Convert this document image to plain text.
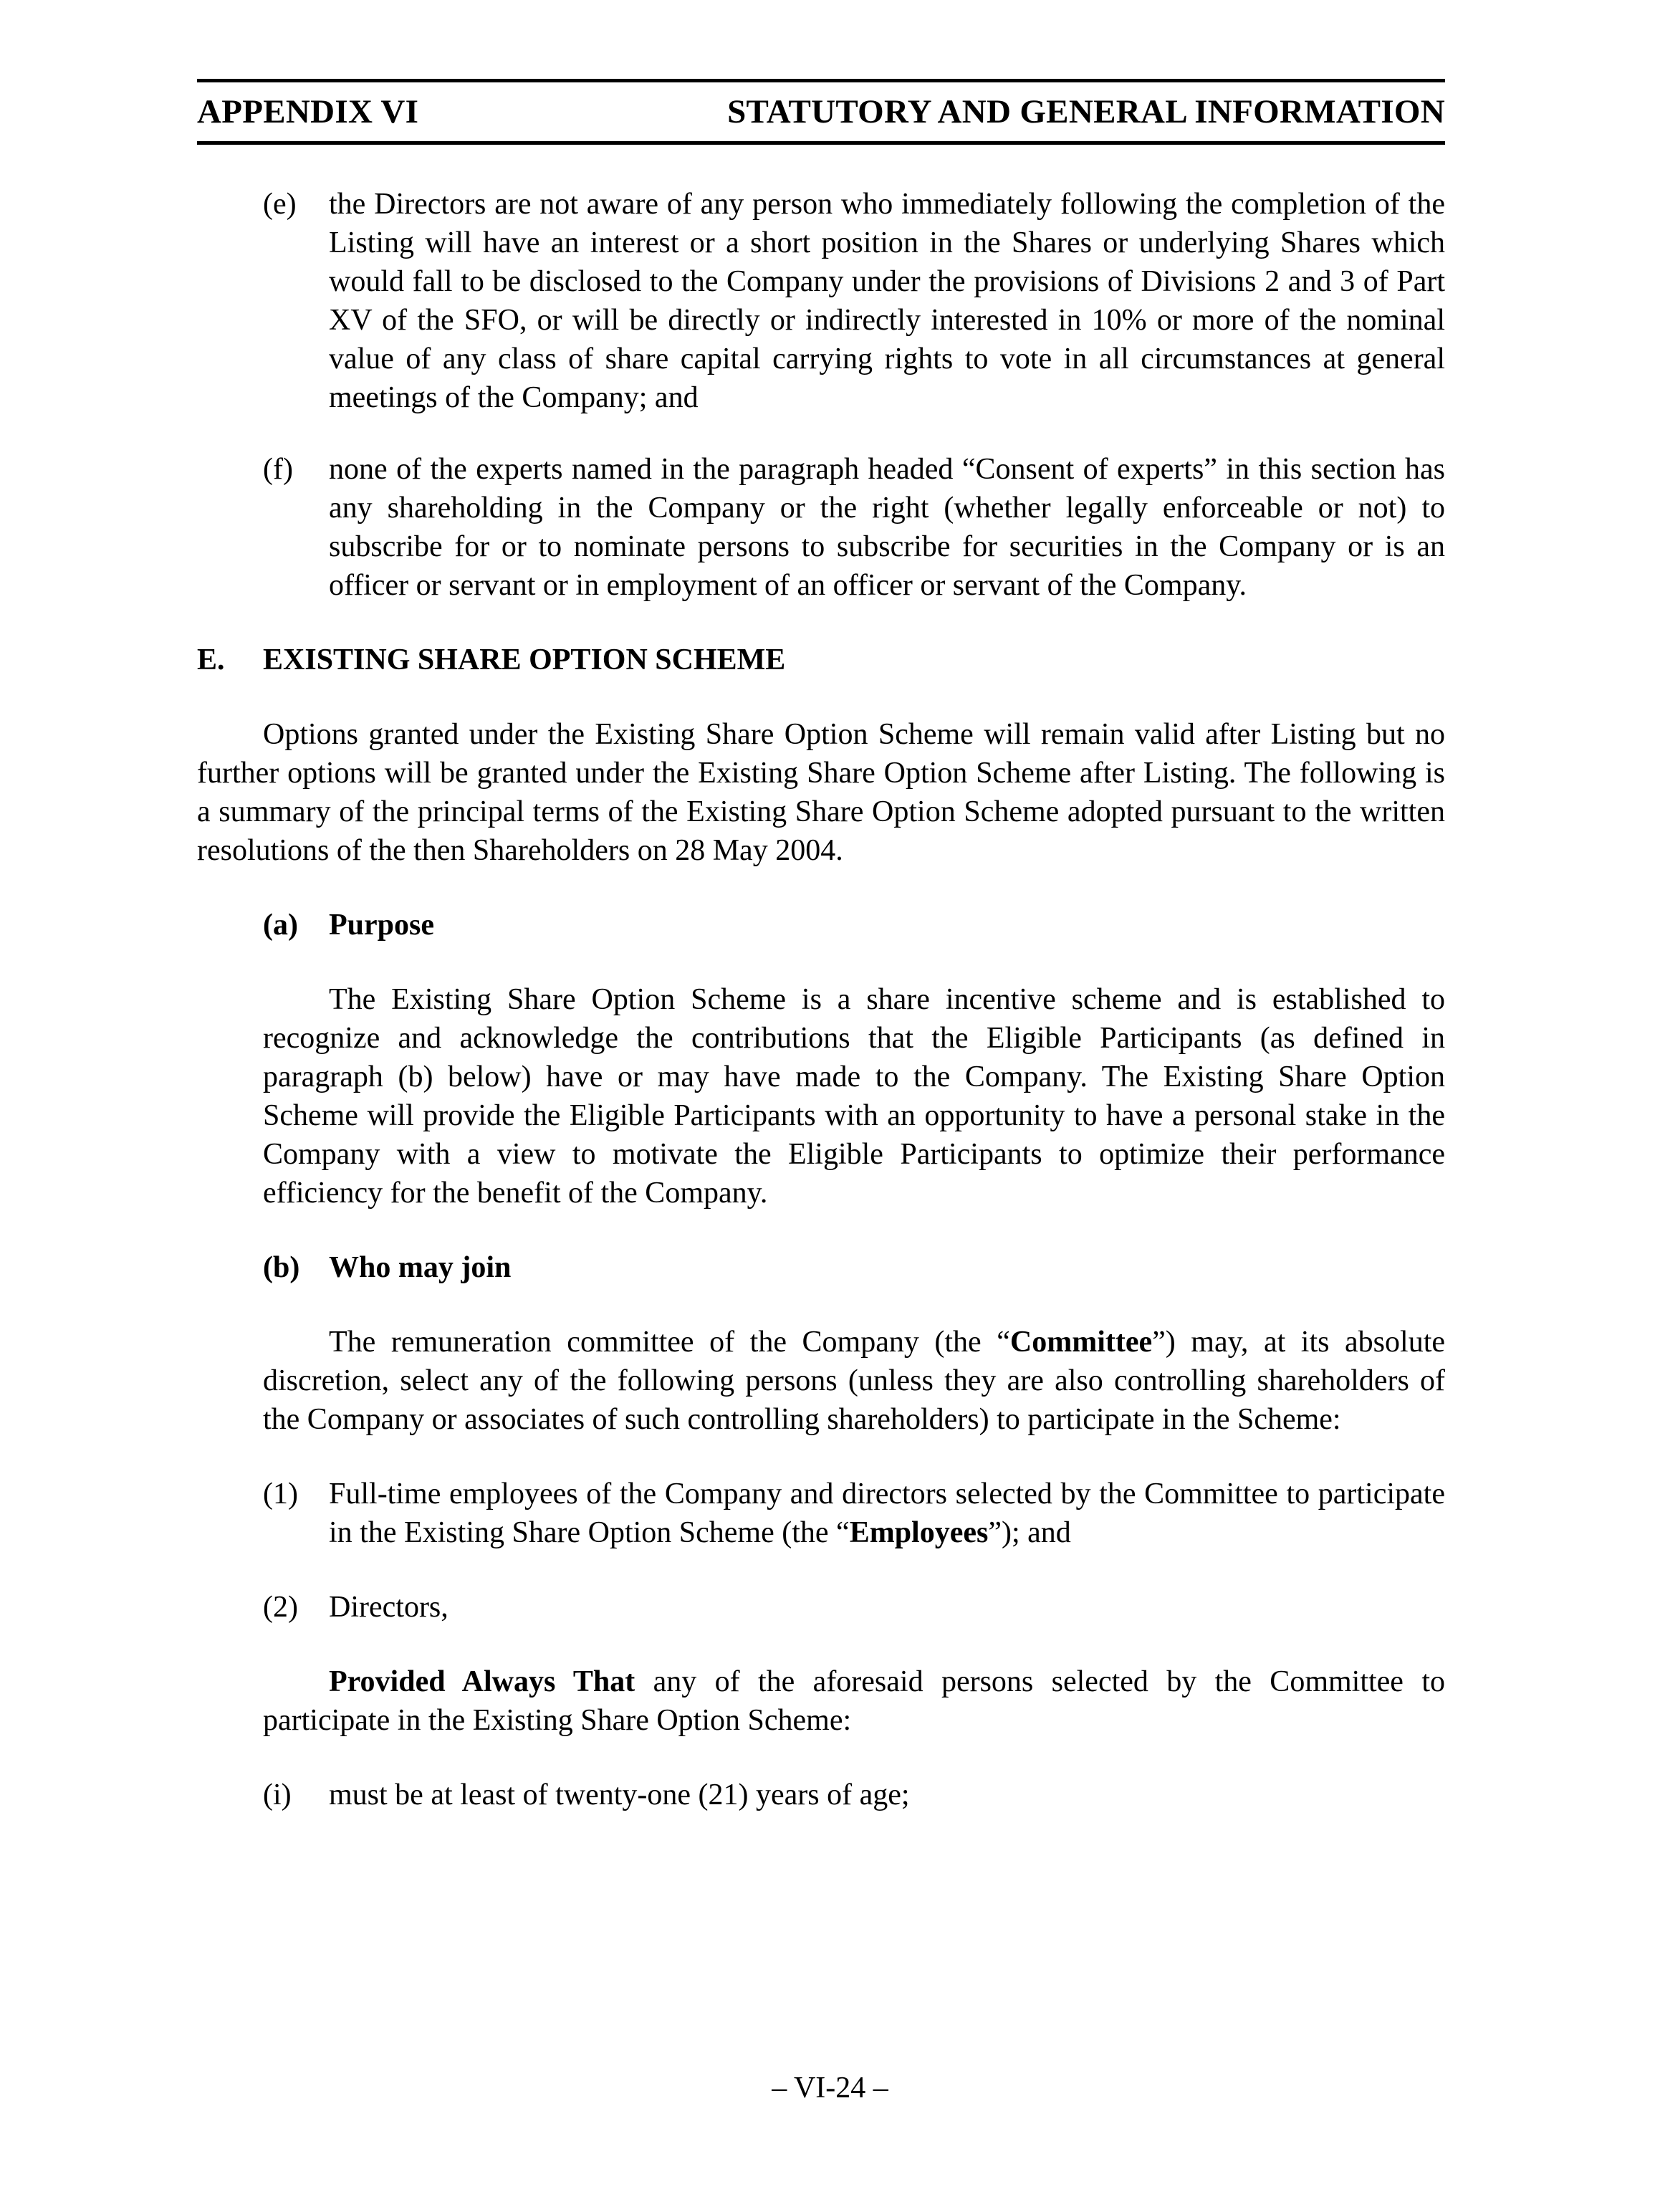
APPENDIX VI	STATUTORY AND GENERAL INFORMATION
(e)	the Directors are not aware of any person who immediately following the completion of the Listing will have an interest or a short position in the Shares or underlying Shares which would fall to be disclosed to the Company under the provisions of Divisions 2 and 3 of Part XV of the SFO, or will be directly or indirectly interested in 10% or more of the nominal value of any class of share capital carrying rights to vote in all circumstances at general meetings of the Company; and
(f)	none of the experts named in the paragraph headed “Consent of experts” in this section has any shareholding in the Company or the right (whether legally enforceable or not) to subscribe for or to nominate persons to subscribe for securities in the Company or is an officer or servant or in employment of an officer or servant of the Company.
E.	EXISTING SHARE OPTION SCHEME

Options granted under the Existing Share Option Scheme will remain valid after Listing but no further options will be granted under the Existing Share Option Scheme after Listing. The following is a summary of the principal terms of the Existing Share Option Scheme adopted pursuant to the written resolutions of the then Shareholders on 28 May 2004.

(a)	Purpose

The Existing Share Option Scheme is a share incentive scheme and is established to recognize and acknowledge the contributions that the Eligible Participants (as defined in paragraph (b) below) have or may have made to the Company. The Existing Share Option Scheme will provide the Eligible Participants with an opportunity to have a personal stake in the Company with a view to motivate the Eligible Participants to optimize their performance efficiency for the benefit of the Company.

(b) Who may join

The remuneration committee of the Company (the “Committee”) may, at its absolute discretion, select any of the following persons (unless they are also controlling shareholders of the Company or associates of such controlling shareholders) to participate in the Scheme:

(1)	Full-time employees of the Company and directors selected by the Committee to participate in the Existing Share Option Scheme (the “Employees”); and
(2)	Directors,

Provided Always That any of the aforesaid persons selected by the Committee to participate in the Existing Share Option Scheme:

(i)	must be at least of twenty-one (21) years of age;
– VI-24 –
